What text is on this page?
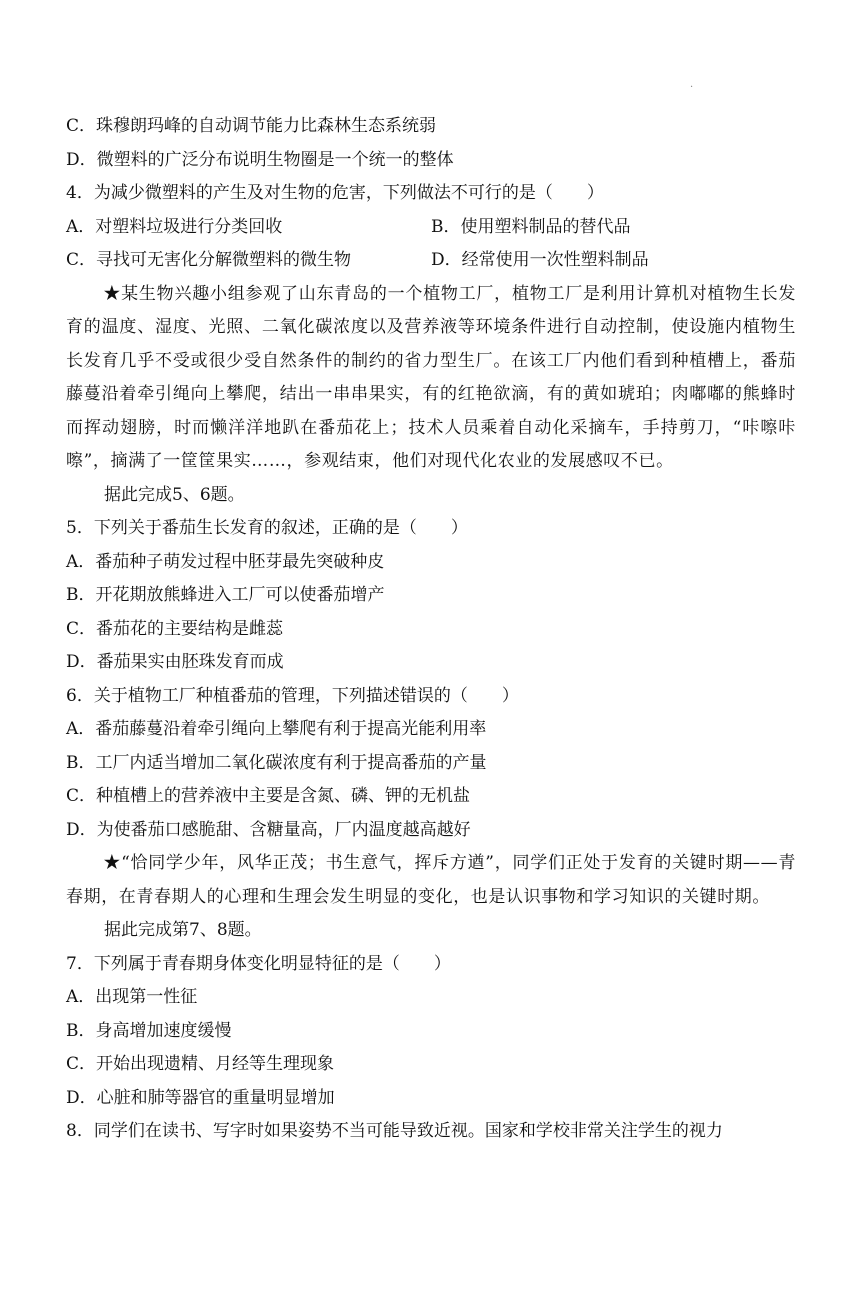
·
C．珠穆朗玛峰的自动调节能力比森林生态系统弱
D．微塑料的广泛分布说明生物圈是一个统一的整体
4．为减少微塑料的产生及对生物的危害，下列做法不可行的是（　　）
A．对塑料垃圾进行分类回收	B．使用塑料制品的替代品
C．寻找可无害化分解微塑料的微生物	D．经常使用一次性塑料制品
★某生物兴趣小组参观了山东青岛的一个植物工厂，植物工厂是利用计算机对植物生长发育的温度、湿度、光照、二氧化碳浓度以及营养液等环境条件进行自动控制，使设施内植物生长发育几乎不受或很少受自然条件的制约的省力型生厂。在该工厂内他们看到种植槽上，番茄藤蔓沿着牵引绳向上攀爬，结出一串串果实，有的红艳欲滴，有的黄如琥珀；肉嘟嘟的熊蜂时而挥动翅膀，时而懒洋洋地趴在番茄花上；技术人员乘着自动化采摘车，手持剪刀，“咔嚓咔嚓”，摘满了一筐筐果实……，参观结束，他们对现代化农业的发展感叹不已。
据此完成5、6题。
5．下列关于番茄生长发育的叙述，正确的是（　　）
A．番茄种子萌发过程中胚芽最先突破种皮
B．开花期放熊蜂进入工厂可以使番茄增产
C．番茄花的主要结构是雌蕊
D．番茄果实由胚珠发育而成
6．关于植物工厂种植番茄的管理，下列描述错误的（　　）
A．番茄藤蔓沿着牵引绳向上攀爬有利于提高光能利用率
B．工厂内适当增加二氧化碳浓度有利于提高番茄的产量
C．种植槽上的营养液中主要是含氮、磷、钾的无机盐
D．为使番茄口感脆甜、含糖量高，厂内温度越高越好
★“恰同学少年，风华正茂；书生意气，挥斥方遒”，同学们正处于发育的关键时期——青春期，在青春期人的心理和生理会发生明显的变化，也是认识事物和学习知识的关键时期。
据此完成第7、8题。
7．下列属于青春期身体变化明显特征的是（　　）
A．出现第一性征
B．身高增加速度缓慢
C．开始出现遗精、月经等生理现象
D．心脏和肺等器官的重量明显增加
8．同学们在读书、写字时如果姿势不当可能导致近视。国家和学校非常关注学生的视力
